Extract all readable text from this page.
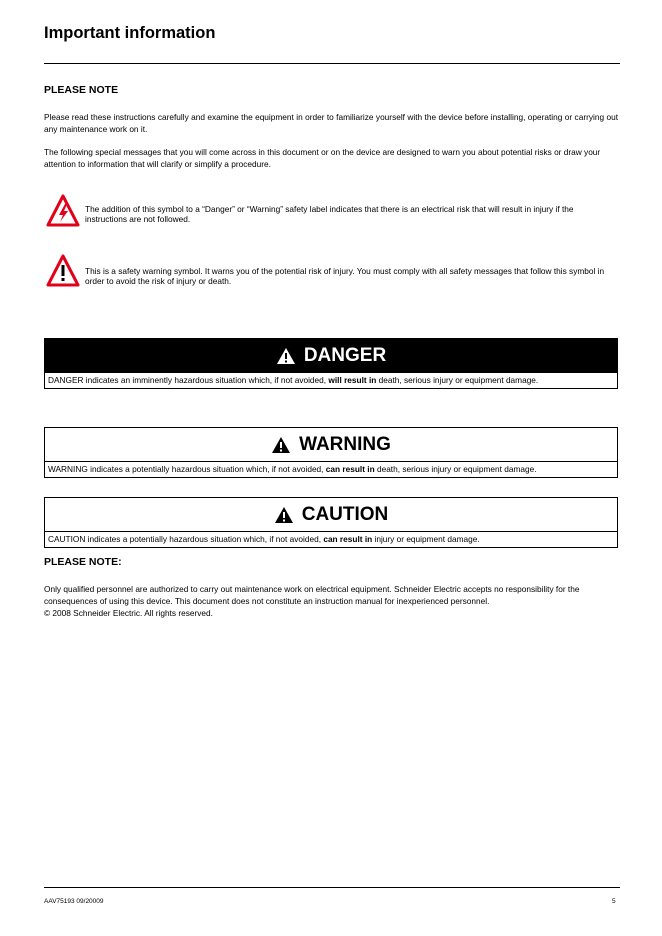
Important information
PLEASE NOTE
Please read these instructions carefully and examine the equipment in order to familiarize yourself with the device before installing, operating or carrying out any maintenance work on it.
The following special messages that you will come across in this document or on the device are designed to warn you about potential risks or draw your attention to information that will clarify or simplify a procedure.
The addition of this symbol to a “Danger” or “Warning” safety label indicates that there is an electrical risk that will result in injury if the instructions are not followed.
This is a safety warning symbol. It warns you of the potential risk of injury. You must comply with all safety messages that follow this symbol in order to avoid the risk of injury or death.
DANGER
DANGER indicates an imminently hazardous situation which, if not avoided, will result in death, serious injury or equipment damage.
WARNING
WARNING indicates a potentially hazardous situation which, if not avoided, can result in death, serious injury or equipment damage.
CAUTION
CAUTION indicates a potentially hazardous situation which, if not avoided, can result in injury or equipment damage.
PLEASE NOTE:
Only qualified personnel are authorized to carry out maintenance work on electrical equipment. Schneider Electric accepts no responsibility for the consequences of using this device. This document does not constitute an instruction manual for inexperienced personnel.
© 2008 Schneider Electric. All rights reserved.
AAV75193 09/20009	5
